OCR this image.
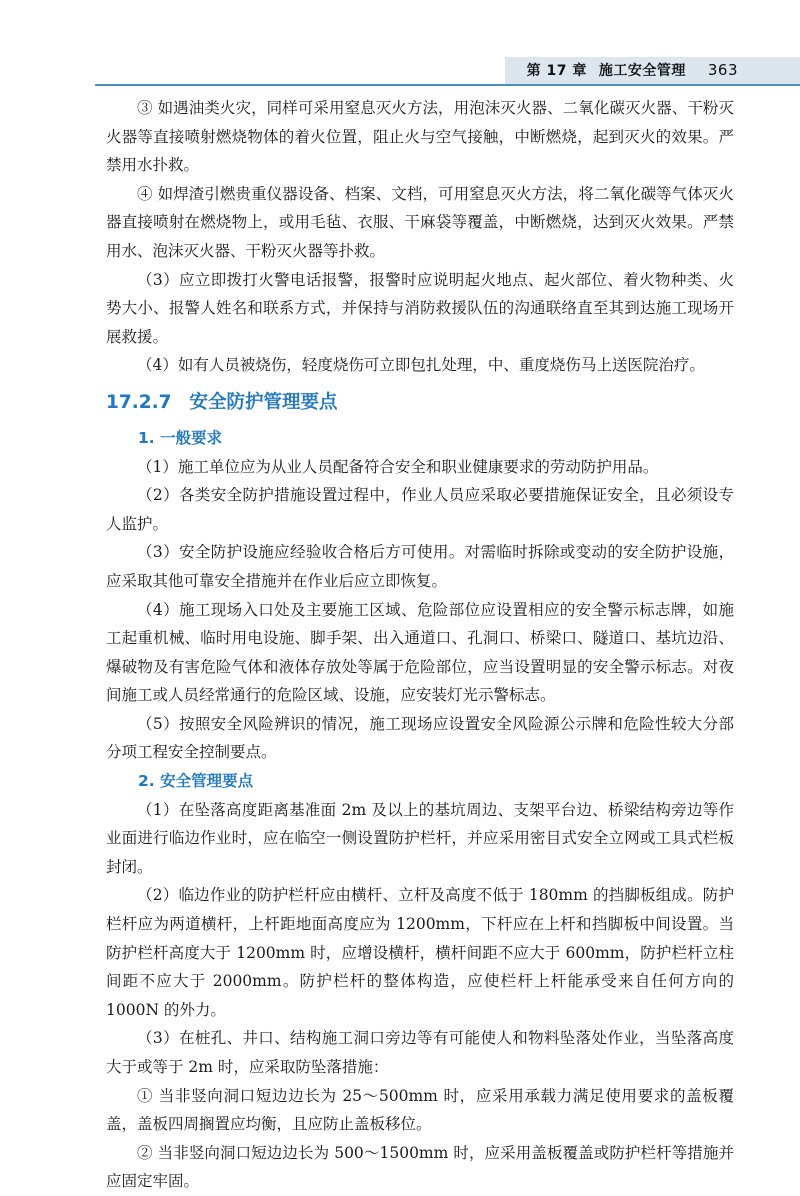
第 17 章 施工安全管理 363

③ 如遇油类火灾，同样可采用窒息灭火方法，用泡沫灭火器、二氧化碳灭火器、干粉灭火器等直接喷射燃烧物体的着火位置，阻止火与空气接触，中断燃烧，起到灭火的效果。严禁用水扑救。

④ 如焊渣引燃贵重仪器设备、档案、文档，可用窒息灭火方法，将二氧化碳等气体灭火器直接喷射在燃烧物上，或用毛毡、衣服、干麻袋等覆盖，中断燃烧，达到灭火效果。严禁用水、泡沫灭火器、干粉灭火器等扑救。

（3）应立即拨打火警电话报警，报警时应说明起火地点、起火部位、着火物种类、火势大小、报警人姓名和联系方式，并保持与消防救援队伍的沟通联络直至其到达施工现场开展救援。

（4）如有人员被烧伤，轻度烧伤可立即包扎处理，中、重度烧伤马上送医院治疗。

17.2.7 安全防护管理要点

1. 一般要求

（1）施工单位应为从业人员配备符合安全和职业健康要求的劳动防护用品。

（2）各类安全防护措施设置过程中，作业人员应采取必要措施保证安全，且必须设专人监护。

（3）安全防护设施应经验收合格后方可使用。对需临时拆除或变动的安全防护设施，应采取其他可靠安全措施并在作业后应立即恢复。

（4）施工现场入口处及主要施工区域、危险部位应设置相应的安全警示标志牌，如施工起重机械、临时用电设施、脚手架、出入通道口、孔洞口、桥梁口、隧道口、基坑边沿、爆破物及有害危险气体和液体存放处等属于危险部位，应当设置明显的安全警示标志。对夜间施工或人员经常通行的危险区域、设施，应安装灯光示警标志。

（5）按照安全风险辨识的情况，施工现场应设置安全风险源公示牌和危险性较大分部分项工程安全控制要点。

2. 安全管理要点

（1）在坠落高度距离基准面 2m 及以上的基坑周边、支架平台边、桥梁结构旁边等作业面进行临边作业时，应在临空一侧设置防护栏杆，并应采用密目式安全立网或工具式栏板封闭。

（2）临边作业的防护栏杆应由横杆、立杆及高度不低于 180mm 的挡脚板组成。防护栏杆应为两道横杆，上杆距地面高度应为 1200mm，下杆应在上杆和挡脚板中间设置。当防护栏杆高度大于 1200mm 时，应增设横杆，横杆间距不应大于 600mm，防护栏杆立柱间距不应大于 2000mm。防护栏杆的整体构造，应使栏杆上杆能承受来自任何方向的 1000N 的外力。

（3）在桩孔、井口、结构施工洞口旁边等有可能使人和物料坠落处作业，当坠落高度大于或等于 2m 时，应采取防坠落措施：

① 当非竖向洞口短边边长为 25～500mm 时，应采用承载力满足使用要求的盖板覆盖，盖板四周搁置应均衡，且应防止盖板移位。

② 当非竖向洞口短边边长为 500～1500mm 时，应采用盖板覆盖或防护栏杆等措施并应固定牢固。
